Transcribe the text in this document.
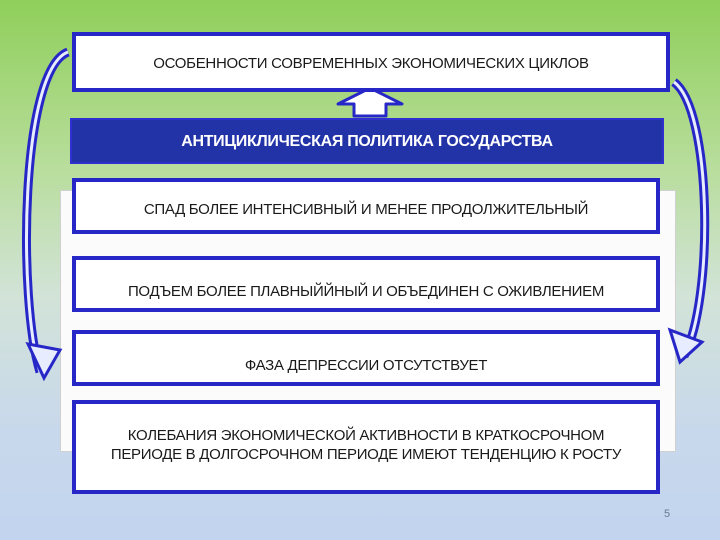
ОСОБЕННОСТИ СОВРЕМЕННЫХ ЭКОНОМИЧЕСКИХ ЦИКЛОВ
АНТИЦИКЛИЧЕСКАЯ ПОЛИТИКА ГОСУДАРСТВА
СПАД БОЛЕЕ ИНТЕНСИВНЫЙ И МЕНЕЕ ПРОДОЛЖИТЕЛЬНЫЙ
ПОДЪЕМ БОЛЕЕ ПЛАВНЫЙЙНЫЙ И ОБЪЕДИНЕН С ОЖИВЛЕНИЕМ
ФАЗА ДЕПРЕССИИ ОТСУТСТВУЕТ
КОЛЕБАНИЯ ЭКОНОМИЧЕСКОЙ АКТИВНОСТИ В КРАТКОСРОЧНОМ ПЕРИОДЕ В ДОЛГОСРОЧНОМ ПЕРИОДЕ ИМЕЮТ ТЕНДЕНЦИЮ К РОСТУ
5
